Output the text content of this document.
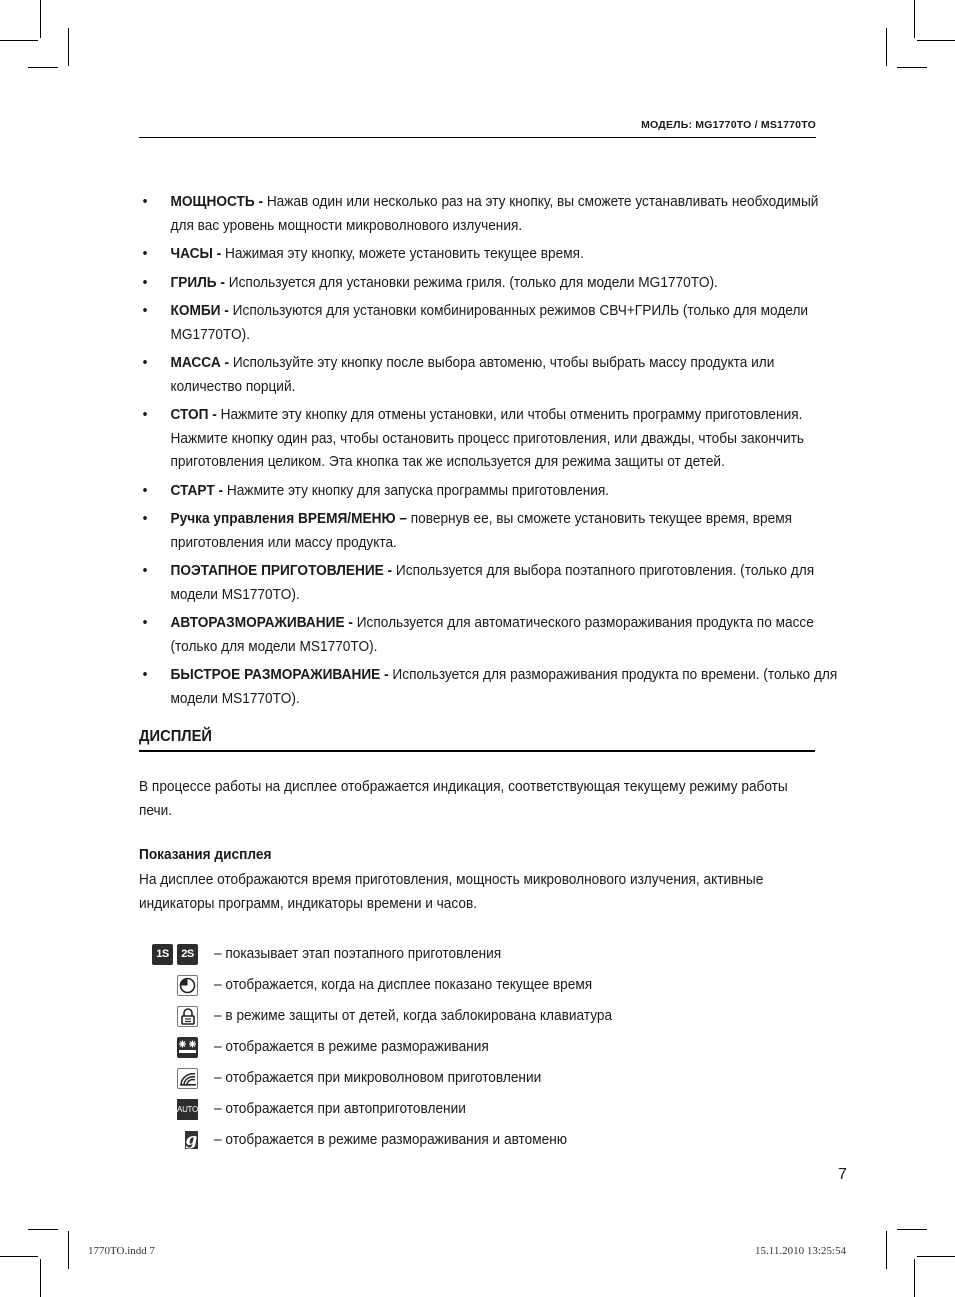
МОДЕЛЬ: MG1770TO / MS1770TO
• МОЩНОСТЬ - Нажав один или несколько раз на эту кнопку, вы сможете устанавливать необходимый для вас уровень мощности микроволнового излучения.
• ЧАСЫ - Нажимая эту кнопку, можете установить текущее время.
• ГРИЛЬ - Используется для установки режима гриля. (только для модели MG1770TO).
• КОМБИ - Используются для установки комбинированных режимов СВЧ+ГРИЛЬ (только для модели MG1770TO).
• МАССА - Используйте эту кнопку после выбора автоменю, чтобы выбрать массу продукта или количество порций.
• СТОП - Нажмите эту кнопку для отмены установки, или чтобы отменить программу приготовления. Нажмите кнопку один раз, чтобы остановить процесс приготовления, или дважды, чтобы закончить приготовления целиком. Эта кнопка так же используется для режима защиты от детей.
• СТАРТ - Нажмите эту кнопку для запуска программы приготовления.
• Ручка управления ВРЕМЯ/МЕНЮ – повернув ее, вы сможете установить текущее время, время приготовления или массу продукта.
• ПОЭТАПНОЕ ПРИГОТОВЛЕНИЕ - Используется для выбора поэтапного приготовления. (только для модели MS1770TO).
• АВТОРАЗМОРАЖИВАНИЕ - Используется для автоматического размораживания продукта по массе (только для модели MS1770TO).
• БЫСТРОЕ РАЗМОРАЖИВАНИЕ - Используется для размораживания продукта по времени. (только для модели MS1770TO).
ДИСПЛЕЙ

В процессе работы на дисплее отображается индикация, соответствующая текущему режиму работы печи.

Показания дисплея

На дисплее отображаются время приготовления, мощность микроволнового излучения, активные индикаторы программ, индикаторы времени и часов.

1S	2S – показывает этап поэтапного приготовления
– отображается, когда на дисплее показано текущее время
– в режиме защиты от детей, когда заблокирована клавиатура
– отображается в режиме размораживания
– отображается при микроволновом приготовлении
AUTO – отображается при автоприготовлении
g – отображается в режиме размораживания и автоменю
7
1770TO.indd 7	15.11.2010 13:25:54
